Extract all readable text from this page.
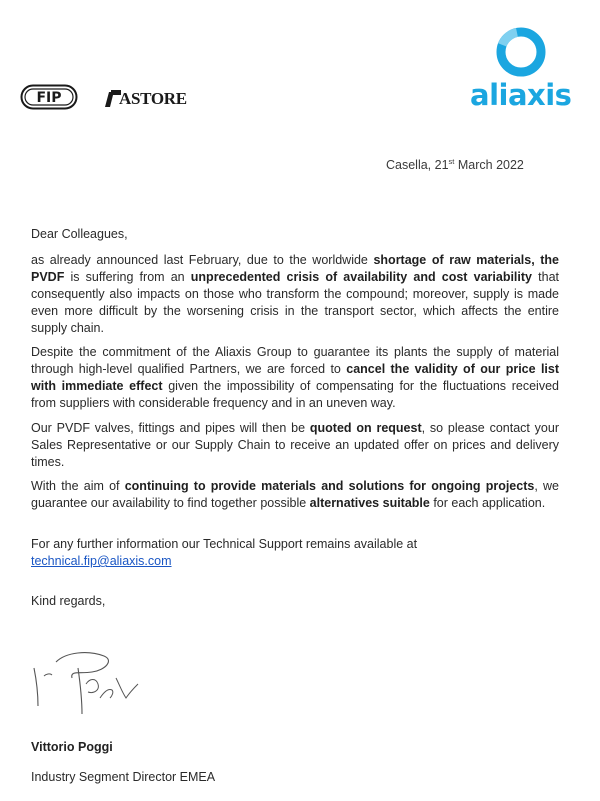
FIP	ASTORE	aliaxis
Casella, 21st March 2022
Dear Colleagues,

as already announced last February, due to the worldwide shortage of raw materials, the PVDF is suffering from an unprecedented crisis of availability and cost variability that consequently also impacts on those who transform the compound; moreover, supply is made even more difficult by the worsening crisis in the transport sector, which affects the entire supply chain.

Despite the commitment of the Aliaxis Group to guarantee its plants the supply of material through high-level qualified Partners, we are forced to cancel the validity of our price list with immediate effect given the impossibility of compensating for the fluctuations received from suppliers with considerable frequency and in an uneven way.

Our PVDF valves, fittings and pipes will then be quoted on request, so please contact your Sales Representative or our Supply Chain to receive an updated offer on prices and delivery times.

With the aim of continuing to provide materials and solutions for ongoing projects, we guarantee our availability to find together possible alternatives suitable for each application.

For any further information our Technical Support remains available at
technical.fip@aliaxis.com

Kind regards,
Vittorio Poggi
Industry Segment Director EMEA
